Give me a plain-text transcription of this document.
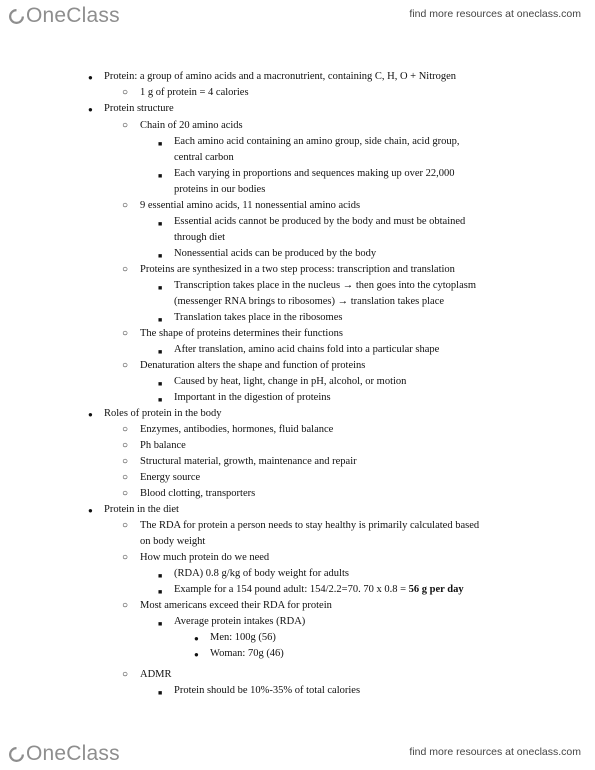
OneClass	find more resources at oneclass.com
Protein: a group of amino acids and a macronutrient, containing C, H, O + Nitrogen
1 g of protein = 4 calories
Protein structure
Chain of 20 amino acids
Each amino acid containing an amino group, side chain, acid group,
central carbon
Each varying in proportions and sequences making up over 22,000
proteins in our bodies
9 essential amino acids, 11 nonessential amino acids
Essential acids cannot be produced by the body and must be obtained
through diet
Nonessential acids can be produced by the body
Proteins are synthesized in a two step process: transcription and translation
Transcription takes place in the nucleus → then goes into the cytoplasm
(messenger RNA brings to ribosomes) → translation takes place
Translation takes place in the ribosomes
The shape of proteins determines their functions
After translation, amino acid chains fold into a particular shape
Denaturation alters the shape and function of proteins
Caused by heat, light, change in pH, alcohol, or motion
Important in the digestion of proteins
Roles of protein in the body
Enzymes, antibodies, hormones, fluid balance
Ph balance
Structural material, growth, maintenance and repair
Energy source
Blood clotting, transporters
Protein in the diet
The RDA for protein a person needs to stay healthy is primarily calculated based
on body weight
How much protein do we need
(RDA) 0.8 g/kg of body weight for adults
Example for a 154 pound adult: 154/2.2=70. 70 x 0.8 = 56 g per day
Most americans exceed their RDA for protein
Average protein intakes (RDA)
Men: 100g (56)
Woman: 70g (46)
ADMR
Protein should be 10%-35% of total calories
●
○
●
○
■
■
○
■
■
○
■
■
○
■
○
■
■
●
○
○
○
○
○
●
○
○
■
■
○
■
●
●
○
■
OneClass	find more resources at oneclass.com
